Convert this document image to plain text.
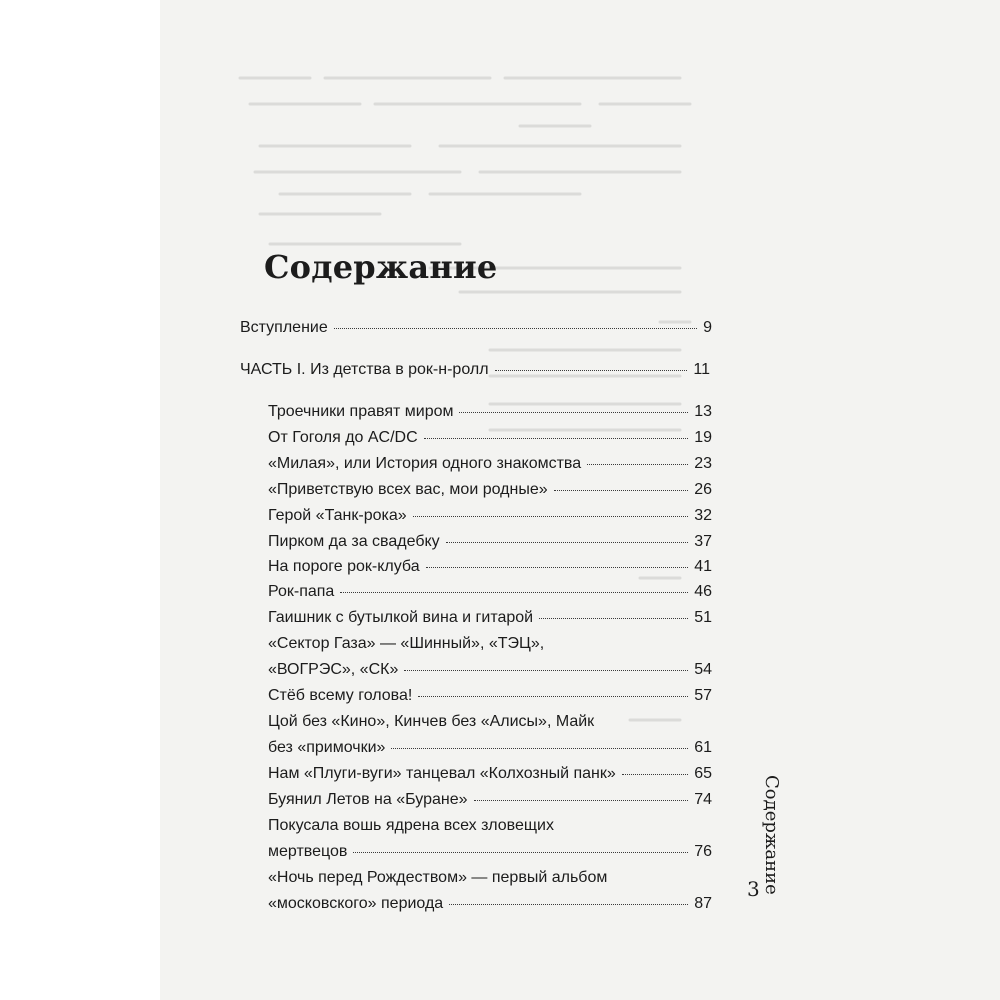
Содержание
Вступление	9
ЧАСТЬ I. Из детства в рок-н-ролл	11
Троечники правят миром	13
От Гоголя до AC/DC	19
«Милая», или История одного знакомства	23
«Приветствую всех вас, мои родные»	26
Герой «Танк-рока»	32
Пиркoм да за свадебку	37
На пороге рок-клуба	41
Рок-папа	46
Гаишник с бутылкой вина и гитарой	51
«Сектор Газа» — «Шинный», «ТЭЦ»,
«ВОГРЭС», «СК»	54
Стёб всему голова!	57
Цой без «Кино», Кинчев без «Алисы», Майк
без «примочки»	61
Нам «Плуги-вуги» танцевал «Колхозный панк»	65
Буянил Летов на «Буране»	74
Покусала вошь ядрена всех зловещих
мертвецов	76
«Ночь перед Рождеством» — первый альбом
«московского» периода	87
Содержание
3
